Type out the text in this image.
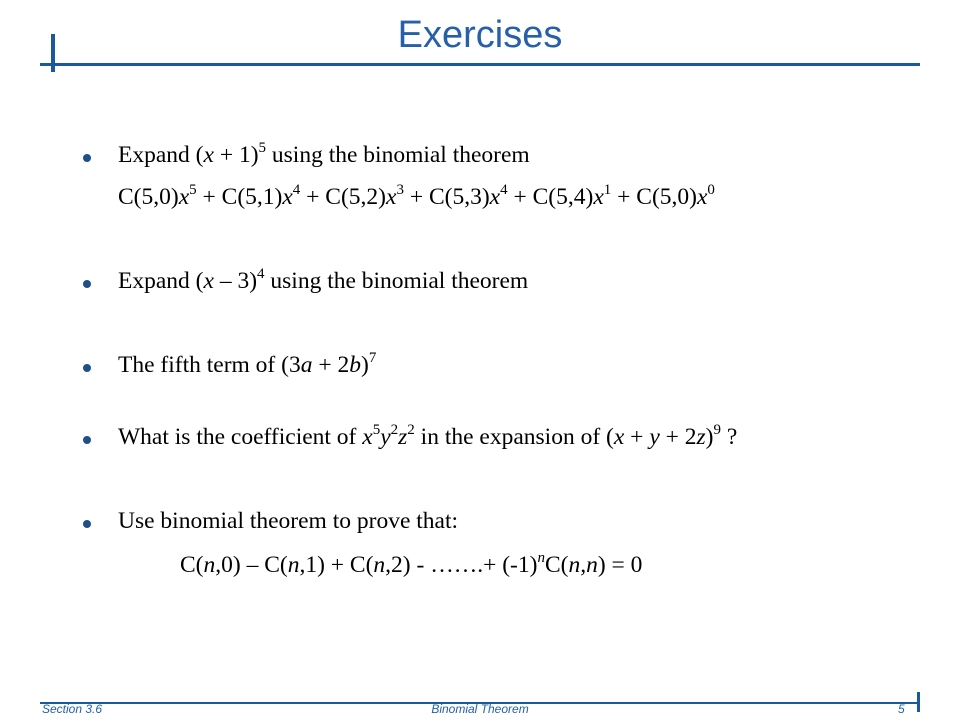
Exercises
Expand $(x + 1)^5$ using the binomial theorem
$C(5,0)x^5 + C(5,1)x^4 + C(5,2)x^3 + C(5,3)x^4 + C(5,4)x^1 + C(5,0)x^0$
Expand (x – 3)$^4$ using the binomial theorem
The fifth term of $(3a + 2b)^7$
What is the coefficient of $x^5y^2z^2$ in the expansion of $(x + y + 2z)^9$ ?
Use binomial theorem to prove that:
C(n,0) – C(n,1) + C(n,2) - …….+ $(-1)^nC(n,n) = 0$
Section 3.6	Binomial Theorem	5
